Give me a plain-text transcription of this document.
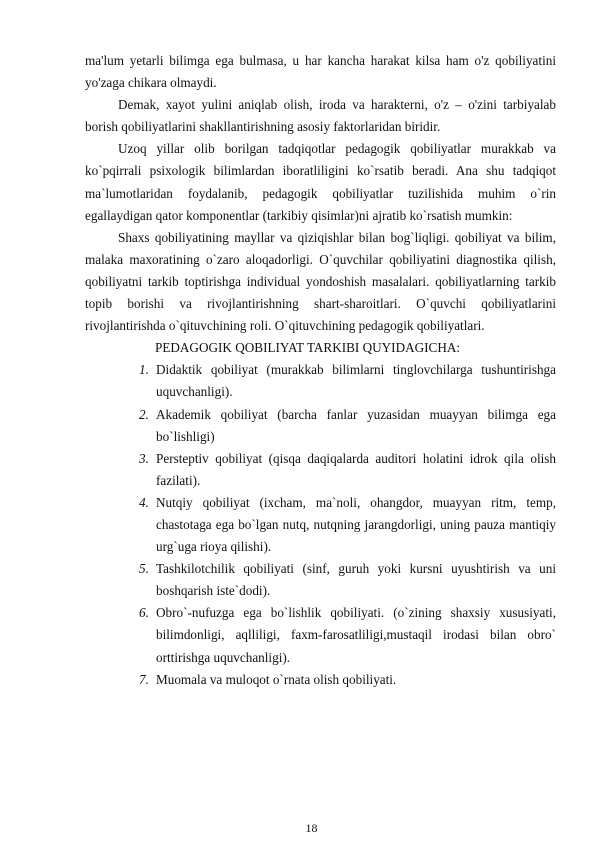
ma'lum yetarli bilimga ega bulmasa, u har kancha harakat kilsa ham o'z qobiliyatini yo'zaga chikara olmaydi.

Demak, xayot yulini aniqlab olish, iroda va harakterni, o'z – o'zini tarbiyalab borish qobiliyatlarini shakllantirishning asosiy faktorlaridan biridir.

Uzoq yillar olib borilgan tadqiqotlar pedagogik qobiliyatlar murakkab va ko`pqirrali psixologik bilimlardan iboratliligini ko`rsatib beradi. Ana shu tadqiqot ma`lumotlaridan foydalanib, pedagogik qobiliyatlar tuzilishida muhim o`rin egallaydigan qator komponentlar (tarkibiy qisimlar)ni ajratib ko`rsatish mumkin:

Shaxs qobiliyatining mayllar va qiziqishlar bilan bog`liqligi. qobiliyat va bilim, malaka maxoratining o`zaro aloqadorligi. O`quvchilar qobiliyatini diagnostika qilish, qobiliyatni tarkib toptirishga individual yondoshish masalalari. qobiliyatlarning tarkib topib borishi va rivojlantirishning shart-sharoitlari. O`quvchi qobiliyatlarini rivojlantirishda o`qituvchining roli. O`qituvchining pedagogik qobiliyatlari.

PEDAGOGIK QOBILIYAT TARKIBI QUYIDAGICHA:

1. Didaktik qobiliyat (murakkab bilimlarni tinglovchilarga tushuntirishga uquvchanligi).
2. Akademik qobiliyat (barcha fanlar yuzasidan muayyan bilimga ega bo`lishligi)
3. Persteptiv qobiliyat (qisqa daqiqalarda auditori holatini idrok qila olish fazilati).
4. Nutqiy qobiliyat (ixcham, ma`noli, ohangdor, muayyan ritm, temp, chastotaga ega bo`lgan nutq, nutqning jarangdorligi, uning pauza mantiqiy urg`uga rioya qilishi).
5. Tashkilotchilik qobiliyati (sinf, guruh yoki kursni uyushtirish va uni boshqarish iste`dodi).
6. Obro`-nufuzga ega bo`lishlik qobiliyati. (o`zining shaxsiy xususiyati, bilimdonligi, aqlliligi, faxm-farosatliligi,mustaqil irodasi bilan obro` orttirishga uquvchanligi).
7. Muomala va muloqot o`rnata olish qobiliyati.
18
